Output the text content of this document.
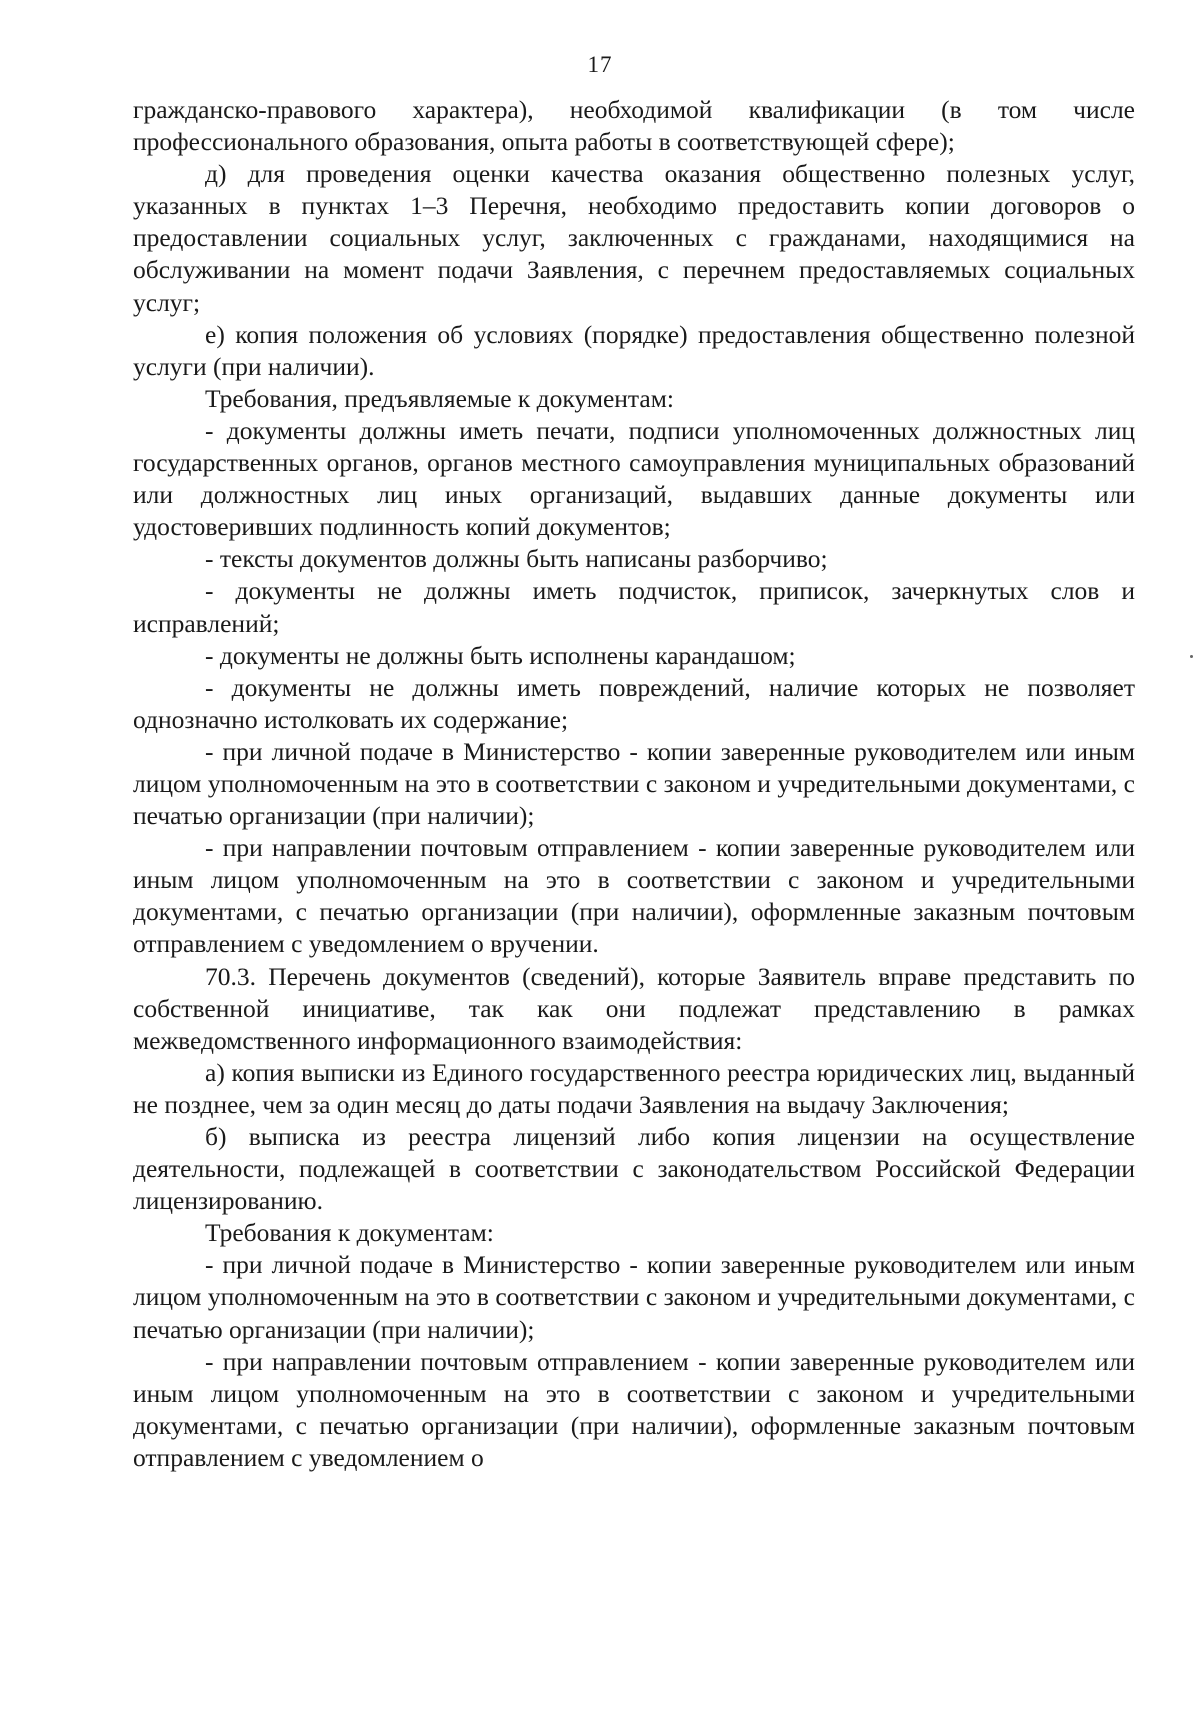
17

гражданско-правового характера), необходимой квалификации (в том числе профессионального образования, опыта работы в соответствующей сфере);

д) для проведения оценки качества оказания общественно полезных услуг, указанных в пунктах 1–3 Перечня, необходимо предоставить копии договоров о предоставлении социальных услуг, заключенных с гражданами, находящимися на обслуживании на момент подачи Заявления, с перечнем предоставляемых социальных услуг;

е) копия положения об условиях (порядке) предоставления общественно полезной услуги (при наличии).

Требования, предъявляемые к документам:

- документы должны иметь печати, подписи уполномоченных должностных лиц государственных органов, органов местного самоуправления муниципальных образований или должностных лиц иных организаций, выдавших данные документы или удостоверивших подлинность копий документов;

- тексты документов должны быть написаны разборчиво;

- документы не должны иметь подчисток, приписок, зачеркнутых слов и исправлений;

- документы не должны быть исполнены карандашом;

- документы не должны иметь повреждений, наличие которых не позволяет однозначно истолковать их содержание;

- при личной подаче в Министерство - копии заверенные руководителем или иным лицом уполномоченным на это в соответствии с законом и учредительными документами, с печатью организации (при наличии);

- при направлении почтовым отправлением - копии заверенные руководителем или иным лицом уполномоченным на это в соответствии с законом и учредительными документами, с печатью организации (при наличии), оформленные заказным почтовым отправлением с уведомлением о вручении.

70.3. Перечень документов (сведений), которые Заявитель вправе представить по собственной инициативе, так как они подлежат представлению в рамках межведомственного информационного взаимодействия:

а) копия выписки из Единого государственного реестра юридических лиц, выданный не позднее, чем за один месяц до даты подачи Заявления на выдачу Заключения;

б) выписка из реестра лицензий либо копия лицензии на осуществление деятельности, подлежащей в соответствии с законодательством Российской Федерации лицензированию.

Требования к документам:

- при личной подаче в Министерство - копии заверенные руководителем или иным лицом уполномоченным на это в соответствии с законом и учредительными документами, с печатью организации (при наличии);

- при направлении почтовым отправлением - копии заверенные руководителем или иным лицом уполномоченным на это в соответствии с законом и учредительными документами, с печатью организации (при наличии), оформленные заказным почтовым отправлением с уведомлением о
